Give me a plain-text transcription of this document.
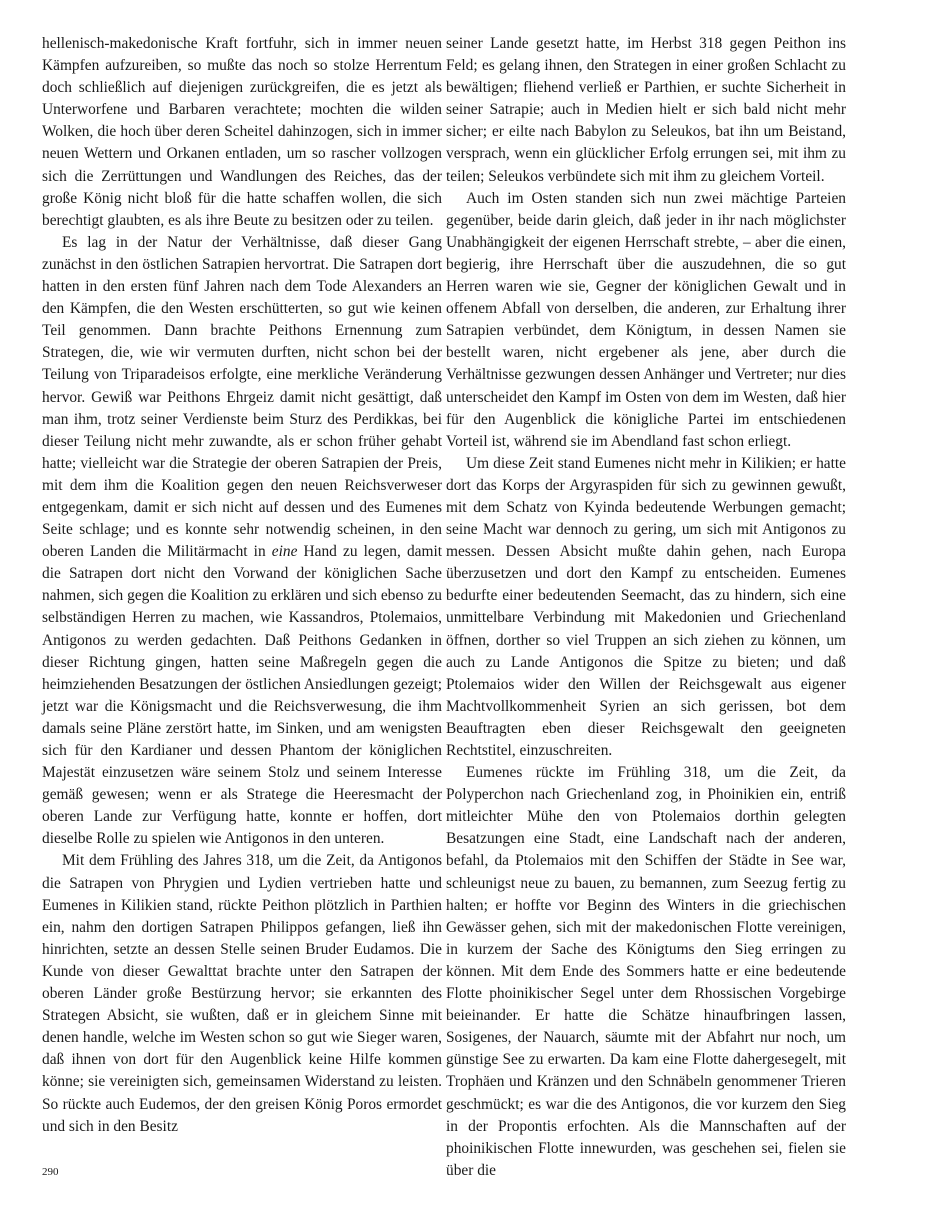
hellenisch-makedonische Kraft fortfuhr, sich in immer neuen Kämpfen aufzureiben, so mußte das noch so stolze Herrentum doch schließlich auf diejenigen zurückgreifen, die es jetzt als Unterworfene und Barbaren verachtete; mochten die wilden Wolken, die hoch über deren Scheitel dahinzogen, sich in immer neuen Wettern und Orkanen entladen, um so rascher vollzogen sich die Zerrüttungen und Wandlungen des Reiches, das der große König nicht bloß für die hatte schaffen wollen, die sich berechtigt glaubten, es als ihre Beute zu besitzen oder zu teilen.

Es lag in der Natur der Verhältnisse, daß dieser Gang zunächst in den östlichen Satrapien hervortrat. Die Satrapen dort hatten in den ersten fünf Jahren nach dem Tode Alexanders an den Kämpfen, die den Westen erschütterten, so gut wie keinen Teil genommen. Dann brachte Peithons Ernennung zum Strategen, die, wie wir vermuten durften, nicht schon bei der Teilung von Triparadeisos erfolgte, eine merkliche Veränderung hervor. Gewiß war Peithons Ehrgeiz damit nicht gesättigt, daß man ihm, trotz seiner Verdienste beim Sturz des Perdikkas, bei dieser Teilung nicht mehr zuwandte, als er schon früher gehabt hatte; vielleicht war die Strategie der oberen Satrapien der Preis, mit dem ihm die Koalition gegen den neuen Reichsverweser entgegenkam, damit er sich nicht auf dessen und des Eumenes Seite schlage; und es konnte sehr notwendig scheinen, in den oberen Landen die Militärmacht in eine Hand zu legen, damit die Satrapen dort nicht den Vorwand der königlichen Sache nahmen, sich gegen die Koalition zu erklären und sich ebenso zu selbständigen Herren zu machen, wie Kassandros, Ptolemaios, Antigonos zu werden gedachten. Daß Peithons Gedanken in dieser Richtung gingen, hatten seine Maßregeln gegen die heimziehenden Besatzungen der östlichen Ansiedlungen gezeigt; jetzt war die Königsmacht und die Reichsverwesung, die ihm damals seine Pläne zerstört hatte, im Sinken, und am wenigsten sich für den Kardianer und dessen Phantom der königlichen Majestät einzusetzen wäre seinem Stolz und seinem Interesse gemäß gewesen; wenn er als Stratege die Heeresmacht der oberen Lande zur Verfügung hatte, konnte er hoffen, dort dieselbe Rolle zu spielen wie Antigonos in den unteren.

Mit dem Frühling des Jahres 318, um die Zeit, da Antigonos die Satrapen von Phrygien und Lydien vertrieben hatte und Eumenes in Kilikien stand, rückte Peithon plötzlich in Parthien ein, nahm den dortigen Satrapen Philippos gefangen, ließ ihn hinrichten, setzte an dessen Stelle seinen Bruder Eudamos. Die Kunde von dieser Gewalttat brachte unter den Satrapen der oberen Länder große Bestürzung hervor; sie erkannten des Strategen Absicht, sie wußten, daß er in gleichem Sinne mit denen handle, welche im Westen schon so gut wie Sieger waren, daß ihnen von dort für den Augenblick keine Hilfe kommen könne; sie vereinigten sich, gemeinsamen Widerstand zu leisten. So rückte auch Eudemos, der den greisen König Poros ermordet und sich in den Besitz

seiner Lande gesetzt hatte, im Herbst 318 gegen Peithon ins Feld; es gelang ihnen, den Strategen in einer großen Schlacht zu bewältigen; fliehend verließ er Parthien, er suchte Sicherheit in seiner Satrapie; auch in Medien hielt er sich bald nicht mehr sicher; er eilte nach Babylon zu Seleukos, bat ihn um Beistand, versprach, wenn ein glücklicher Erfolg errungen sei, mit ihm zu teilen; Seleukos verbündete sich mit ihm zu gleichem Vorteil.

Auch im Osten standen sich nun zwei mächtige Parteien gegenüber, beide darin gleich, daß jeder in ihr nach möglichster Unabhängigkeit der eigenen Herrschaft strebte, – aber die einen, begierig, ihre Herrschaft über die auszudehnen, die so gut Herren waren wie sie, Gegner der königlichen Gewalt und in offenem Abfall von derselben, die anderen, zur Erhaltung ihrer Satrapien verbündet, dem Königtum, in dessen Namen sie bestellt waren, nicht ergebener als jene, aber durch die Verhältnisse gezwungen dessen Anhänger und Vertreter; nur dies unterscheidet den Kampf im Osten von dem im Westen, daß hier für den Augenblick die königliche Partei im entschiedenen Vorteil ist, während sie im Abendland fast schon erliegt.

Um diese Zeit stand Eumenes nicht mehr in Kilikien; er hatte dort das Korps der Argyraspiden für sich zu gewinnen gewußt, mit dem Schatz von Kyinda bedeutende Werbungen gemacht; seine Macht war dennoch zu gering, um sich mit Antigonos zu messen. Dessen Absicht mußte dahin gehen, nach Europa überzusetzen und dort den Kampf zu entscheiden. Eumenes bedurfte einer bedeutenden Seemacht, das zu hindern, sich eine unmittelbare Verbindung mit Makedonien und Griechenland öffnen, dorther so viel Truppen an sich ziehen zu können, um auch zu Lande Antigonos die Spitze zu bieten; und daß Ptolemaios wider den Willen der Reichsgewalt aus eigener Machtvollkommenheit Syrien an sich gerissen, bot dem Beauftragten eben dieser Reichsgewalt den geeigneten Rechtstitel, einzuschreiten.

Eumenes rückte im Frühling 318, um die Zeit, da Polyperchon nach Griechenland zog, in Phoinikien ein, entriß mitleichter Mühe den von Ptolemaios dorthin gelegten Besatzungen eine Stadt, eine Landschaft nach der anderen, befahl, da Ptolemaios mit den Schiffen der Städte in See war, schleunigst neue zu bauen, zu bemannen, zum Seezug fertig zu halten; er hoffte vor Beginn des Winters in die griechischen Gewässer gehen, sich mit der makedonischen Flotte vereinigen, in kurzem der Sache des Königtums den Sieg erringen zu können. Mit dem Ende des Sommers hatte er eine bedeutende Flotte phoinikischer Segel unter dem Rhossischen Vorgebirge beieinander. Er hatte die Schätze hinaufbringen lassen, Sosigenes, der Nauarch, säumte mit der Abfahrt nur noch, um günstige See zu erwarten. Da kam eine Flotte dahergesegelt, mit Trophäen und Kränzen und den Schnäbeln genommener Trieren geschmückt; es war die des Antigonos, die vor kurzem den Sieg in der Propontis erfochten. Als die Mannschaften auf der phoinikischen Flotte innewurden, was geschehen sei, fielen sie über die

290
